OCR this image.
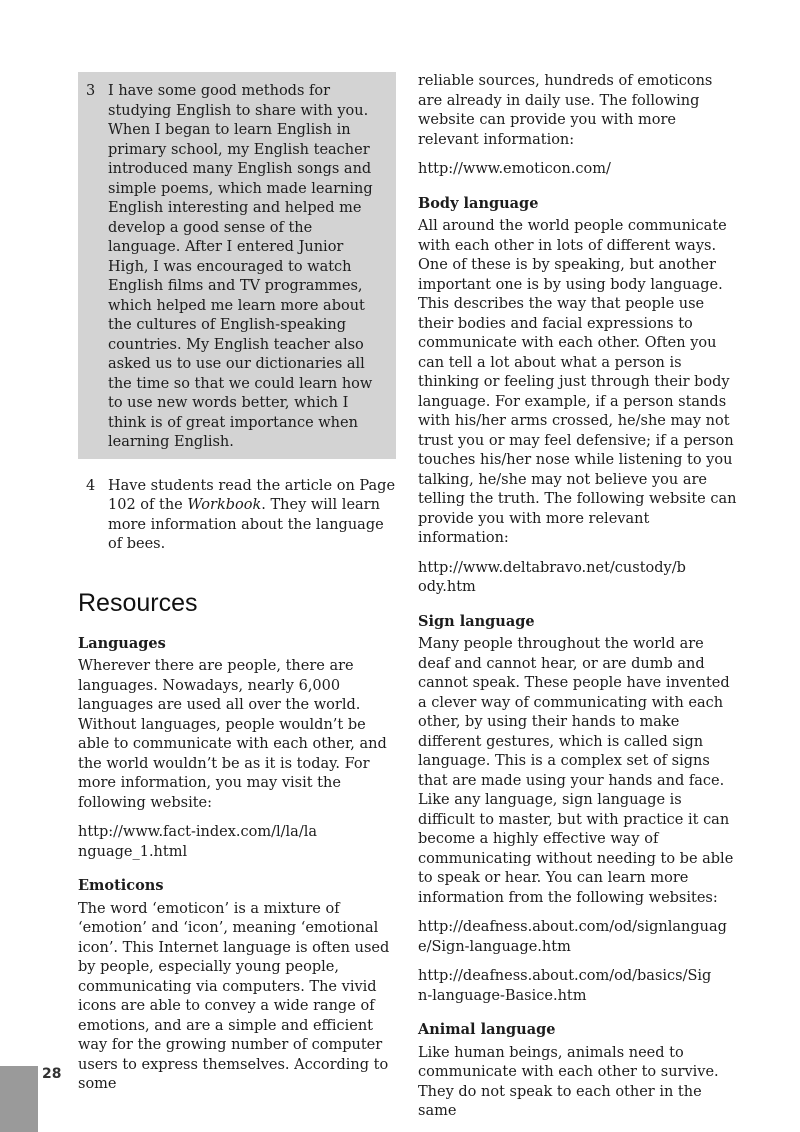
3 I have some good methods for studying English to share with you. When I began to learn English in primary school, my English teacher introduced many English songs and simple poems, which made learning English interesting and helped me develop a good sense of the language. After I entered Junior High, I was encouraged to watch English films and TV programmes, which helped me learn more about the cultures of English-speaking countries. My English teacher also asked us to use our dictionaries all the time so that we could learn how to use new words better, which I think is of great importance when learning English.

4 Have students read the article on Page 102 of the Workbook. They will learn more information about the language of bees.

Resources
Languages

Wherever there are people, there are languages. Nowadays, nearly 6,000 languages are used all over the world. Without languages, people wouldn’t be able to communicate with each other, and the world wouldn’t be as it is today. For more information, you may visit the following website:

http://www.fact-index.com/l/la/language_1.html

Emoticons

The word ‘emoticon’ is a mixture of ‘emotion’ and ‘icon’, meaning ‘emotional icon’. This Internet language is often used by people, especially young people, communicating via computers. The vivid icons are able to convey a wide range of emotions, and are a simple and efficient way for the growing number of computer users to express themselves. According to some

reliable sources, hundreds of emoticons are already in daily use. The following website can provide you with more relevant information:

http://www.emoticon.com/

Body language

All around the world people communicate with each other in lots of different ways. One of these is by speaking, but another important one is by using body language. This describes the way that people use their bodies and facial expressions to communicate with each other. Often you can tell a lot about what a person is thinking or feeling just through their body language. For example, if a person stands with his/her arms crossed, he/she may not trust you or may feel defensive; if a person touches his/her nose while listening to you talking, he/she may not believe you are telling the truth. The following website can provide you with more relevant information:

http://www.deltabravo.net/custody/body.htm

Sign language

Many people throughout the world are deaf and cannot hear, or are dumb and cannot speak. These people have invented a clever way of communicating with each other, by using their hands to make different gestures, which is called sign language. This is a complex set of signs that are made using your hands and face. Like any language, sign language is difficult to master, but with practice it can become a highly effective way of communicating without needing to be able to speak or hear. You can learn more information from the following websites:

http://deafness.about.com/od/signlanguage/Sign-language.htm

http://deafness.about.com/od/basics/Sign-language-Basice.htm

Animal language

Like human beings, animals need to communicate with each other to survive. They do not speak to each other in the same

28
